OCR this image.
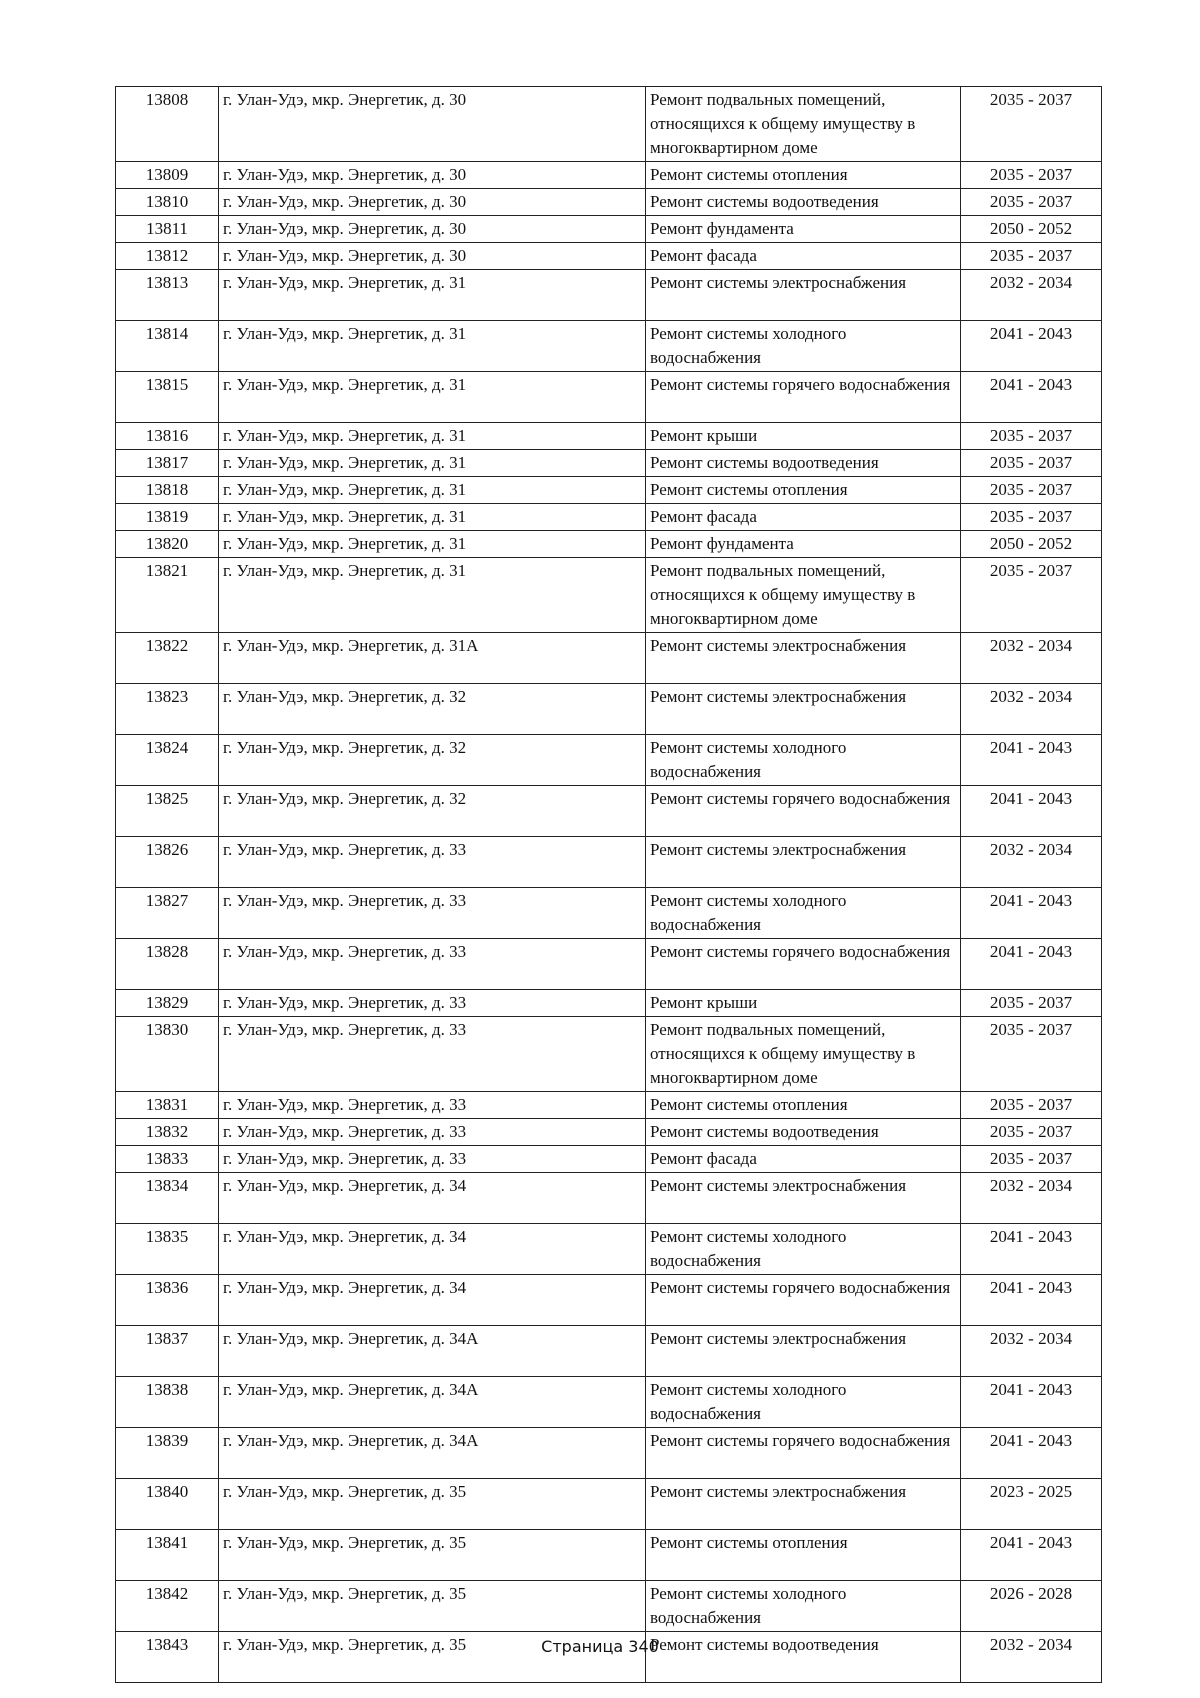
13808	г. Улан-Удэ, мкр. Энергетик, д. 30	Ремонт подвальных помещений, относящихся к общему имуществу в многоквартирном доме	2035 - 2037
13809	г. Улан-Удэ, мкр. Энергетик, д. 30	Ремонт системы отопления	2035 - 2037
13810	г. Улан-Удэ, мкр. Энергетик, д. 30	Ремонт системы водоотведения	2035 - 2037
13811	г. Улан-Удэ, мкр. Энергетик, д. 30	Ремонт фундамента	2050 - 2052
13812	г. Улан-Удэ, мкр. Энергетик, д. 30	Ремонт фасада	2035 - 2037
13813	г. Улан-Удэ, мкр. Энергетик, д. 31	Ремонт системы электроснабжения	2032 - 2034
13814	г. Улан-Удэ, мкр. Энергетик, д. 31	Ремонт системы холодного водоснабжения	2041 - 2043
13815	г. Улан-Удэ, мкр. Энергетик, д. 31	Ремонт системы горячего водоснабжения	2041 - 2043
13816	г. Улан-Удэ, мкр. Энергетик, д. 31	Ремонт крыши	2035 - 2037
13817	г. Улан-Удэ, мкр. Энергетик, д. 31	Ремонт системы водоотведения	2035 - 2037
13818	г. Улан-Удэ, мкр. Энергетик, д. 31	Ремонт системы отопления	2035 - 2037
13819	г. Улан-Удэ, мкр. Энергетик, д. 31	Ремонт фасада	2035 - 2037
13820	г. Улан-Удэ, мкр. Энергетик, д. 31	Ремонт фундамента	2050 - 2052
13821	г. Улан-Удэ, мкр. Энергетик, д. 31	Ремонт подвальных помещений, относящихся к общему имуществу в многоквартирном доме	2035 - 2037
13822	г. Улан-Удэ, мкр. Энергетик, д. 31А	Ремонт системы электроснабжения	2032 - 2034
13823	г. Улан-Удэ, мкр. Энергетик, д. 32	Ремонт системы электроснабжения	2032 - 2034
13824	г. Улан-Удэ, мкр. Энергетик, д. 32	Ремонт системы холодного водоснабжения	2041 - 2043
13825	г. Улан-Удэ, мкр. Энергетик, д. 32	Ремонт системы горячего водоснабжения	2041 - 2043
13826	г. Улан-Удэ, мкр. Энергетик, д. 33	Ремонт системы электроснабжения	2032 - 2034
13827	г. Улан-Удэ, мкр. Энергетик, д. 33	Ремонт системы холодного водоснабжения	2041 - 2043
13828	г. Улан-Удэ, мкр. Энергетик, д. 33	Ремонт системы горячего водоснабжения	2041 - 2043
13829	г. Улан-Удэ, мкр. Энергетик, д. 33	Ремонт крыши	2035 - 2037
13830	г. Улан-Удэ, мкр. Энергетик, д. 33	Ремонт подвальных помещений, относящихся к общему имуществу в многоквартирном доме	2035 - 2037
13831	г. Улан-Удэ, мкр. Энергетик, д. 33	Ремонт системы отопления	2035 - 2037
13832	г. Улан-Удэ, мкр. Энергетик, д. 33	Ремонт системы водоотведения	2035 - 2037
13833	г. Улан-Удэ, мкр. Энергетик, д. 33	Ремонт фасада	2035 - 2037
13834	г. Улан-Удэ, мкр. Энергетик, д. 34	Ремонт системы электроснабжения	2032 - 2034
13835	г. Улан-Удэ, мкр. Энергетик, д. 34	Ремонт системы холодного водоснабжения	2041 - 2043
13836	г. Улан-Удэ, мкр. Энергетик, д. 34	Ремонт системы горячего водоснабжения	2041 - 2043
13837	г. Улан-Удэ, мкр. Энергетик, д. 34А	Ремонт системы электроснабжения	2032 - 2034
13838	г. Улан-Удэ, мкр. Энергетик, д. 34А	Ремонт системы холодного водоснабжения	2041 - 2043
13839	г. Улан-Удэ, мкр. Энергетик, д. 34А	Ремонт системы горячего водоснабжения	2041 - 2043
13840	г. Улан-Удэ, мкр. Энергетик, д. 35	Ремонт системы электроснабжения	2023 - 2025
13841	г. Улан-Удэ, мкр. Энергетик, д. 35	Ремонт системы отопления	2041 - 2043
13842	г. Улан-Удэ, мкр. Энергетик, д. 35	Ремонт системы холодного водоснабжения	2026 - 2028
13843	г. Улан-Удэ, мкр. Энергетик, д. 35	Ремонт системы водоотведения	2032 - 2034
Страница 340
